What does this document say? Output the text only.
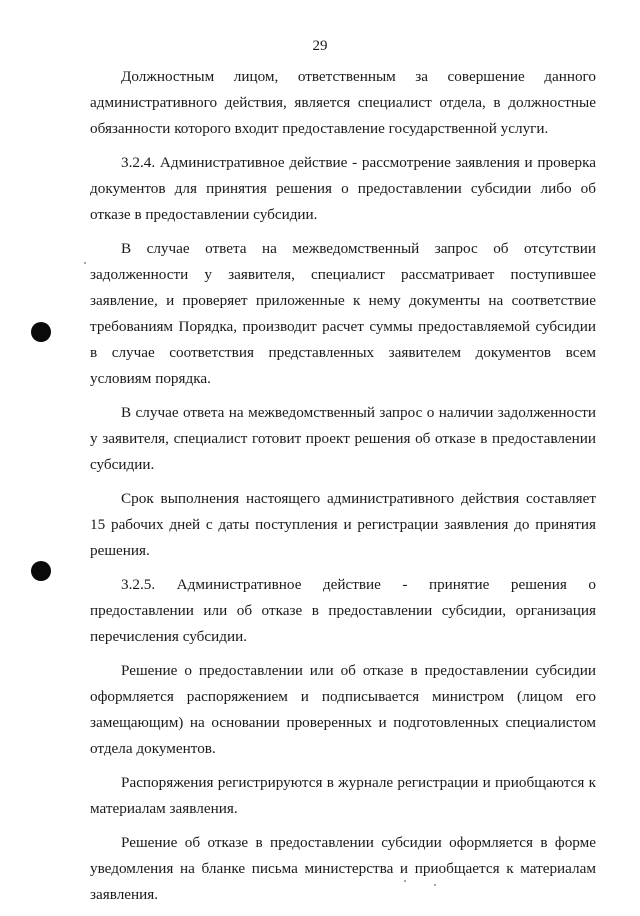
29

Должностным лицом, ответственным за совершение данного административного действия, является специалист отдела, в должностные обязанности которого входит предоставление государственной услуги.

3.2.4. Административное действие - рассмотрение заявления и проверка документов для принятия решения о предоставлении субсидии либо об отказе в предоставлении субсидии.

В случае ответа на межведомственный запрос об отсутствии задолженности у заявителя, специалист рассматривает поступившее заявление, и проверяет приложенные к нему документы на соответствие требованиям Порядка, производит расчет суммы предоставляемой субсидии в случае соответствия представленных заявителем документов всем условиям порядка.

В случае ответа на межведомственный запрос о наличии задолженности у заявителя, специалист готовит проект решения об отказе в предоставлении субсидии.

Срок выполнения настоящего административного действия составляет 15 рабочих дней с даты поступления и регистрации заявления до принятия решения.

3.2.5. Административное действие - принятие решения о предоставлении или об отказе в предоставлении субсидии, организация перечисления субсидии.

Решение о предоставлении или об отказе в предоставлении субсидии оформляется распоряжением и подписывается министром (лицом его замещающим) на основании проверенных и подготовленных специалистом отдела документов.

Распоряжения регистрируются в журнале регистрации и приобщаются к материалам заявления.

Решение об отказе в предоставлении субсидии оформляется в форме уведомления на бланке письма министерства и приобщается к материалам заявления.
